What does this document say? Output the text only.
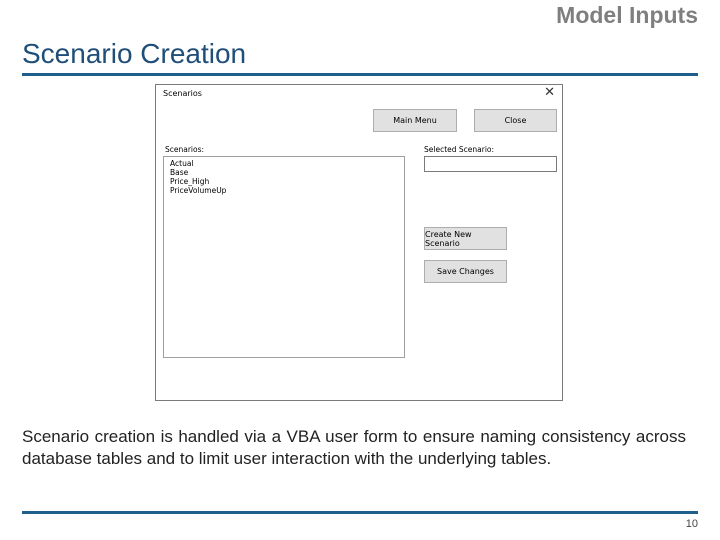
Model Inputs
Scenario Creation
Scenarios	✕
Main Menu	Close
Scenarios:
Actual
Base
Price_High
PriceVolumeUp
Selected Scenario:
Create New Scenario
Save Changes
Scenario creation is handled via a VBA user form to ensure naming consistency across database tables and to limit user interaction with the underlying tables.
10
